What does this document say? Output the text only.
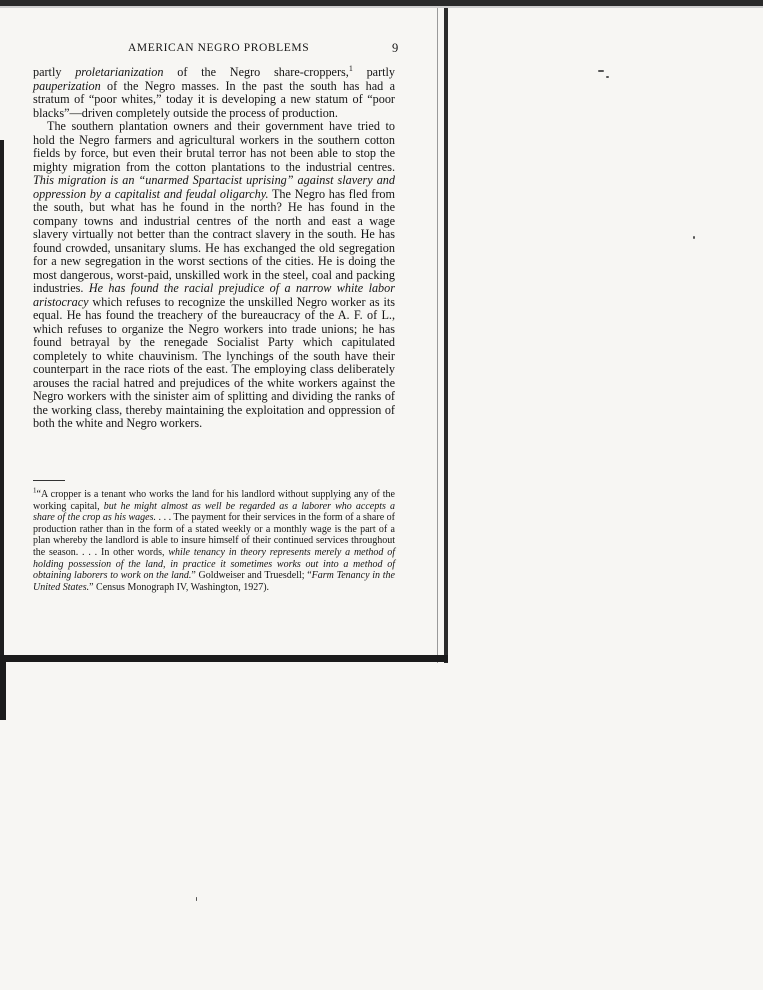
AMERICAN NEGRO PROBLEMS	9

partly proletarianization of the Negro share-croppers,$^1$ partly pauperization of the Negro masses. In the past the south has had a stratum of “poor whites,” today it is developing a new statum of “poor blacks”—driven completely outside the process of production.

The southern plantation owners and their government have tried to hold the Negro farmers and agricultural workers in the southern cotton fields by force, but even their brutal terror has not been able to stop the mighty migration from the cotton plantations to the industrial centres. This migration is an “unarmed Spartacist uprising” against slavery and oppression by a capitalist and feudal oligarchy. The Negro has fled from the south, but what has he found in the north? He has found in the company towns and industrial centres of the north and east a wage slavery virtually not better than the contract slavery in the south. He has found crowded, unsanitary slums. He has exchanged the old segregation for a new segregation in the worst sections of the cities. He is doing the most dangerous, worst-paid, unskilled work in the steel, coal and packing industries. He has found the racial prejudice of a narrow white labor aristocracy which refuses to recognize the unskilled Negro worker as its equal. He has found the treachery of the bureaucracy of the A. F. of L., which refuses to organize the Negro workers into trade unions; he has found betrayal by the renegade Socialist Party which capitulated completely to white chauvinism. The lynchings of the south have their counterpart in the race riots of the east. The employing class deliberately arouses the racial hatred and prejudices of the white workers against the Negro workers with the sinister aim of splitting and dividing the ranks of the working class, thereby maintaining the exploitation and oppression of both the white and Negro workers.

$^1$“A cropper is a tenant who works the land for his landlord without supplying any of the working capital, but he might almost as well be regarded as a laborer who accepts a share of the crop as his wages. . . . The payment for their services in the form of a share of production rather than in the form of a stated weekly or a monthly wage is the part of a plan whereby the landlord is able to insure himself of their continued services throughout the season. . . . In other words, while tenancy in theory represents merely a method of holding possession of the land, in practice it sometimes works out into a method of obtaining laborers to work on the land.” Goldweiser and Truesdell; “Farm Tenancy in the United States.” Census Monograph IV, Washington, 1927).
